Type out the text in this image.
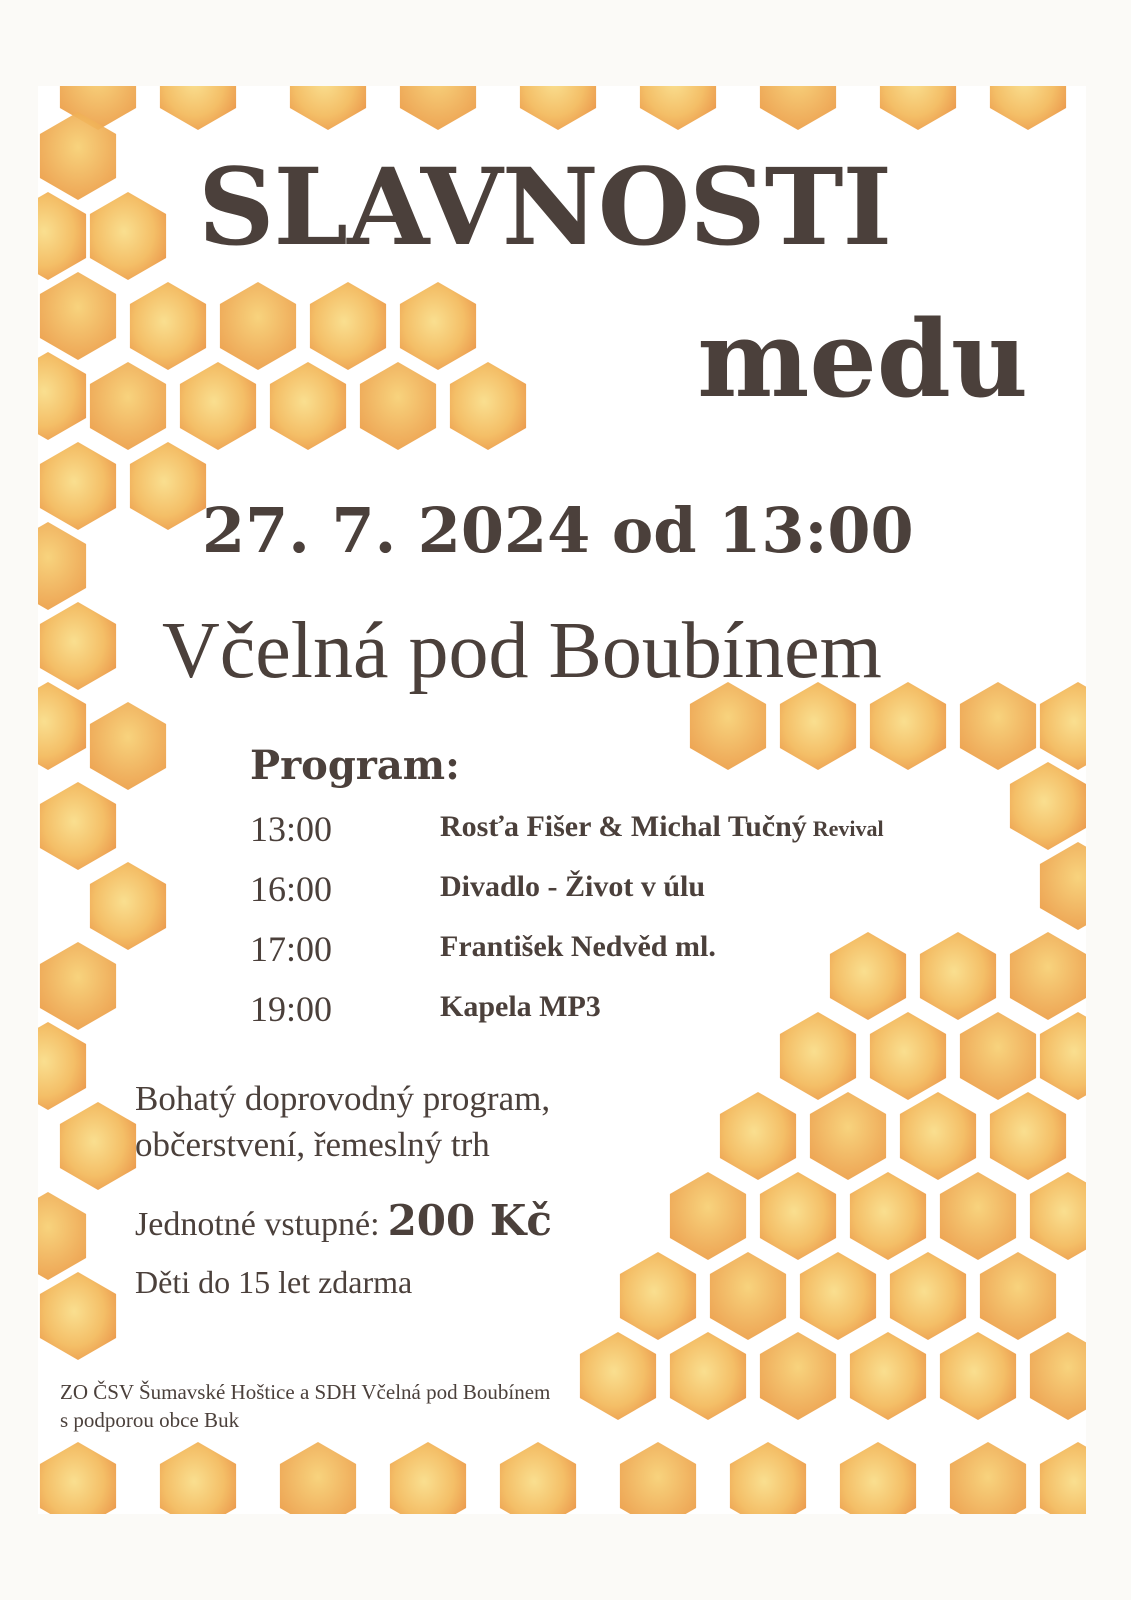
SLAVNOSTI
medu
27. 7. 2024 od 13:00
Včelná pod Boubínem
Program:
13:00	Rosťa Fišer & Michal Tučný Revival
16:00	Divadlo - Život v úlu
17:00	František Nedvěd ml.
19:00	Kapela MP3
Bohatý doprovodný program,
občerstvení, řemeslný trh
Jednotné vstupné: 200 Kč
Děti do 15 let zdarma
ZO ČSV Šumavské Hoštice a SDH Včelná pod Boubínem
s podporou obce Buk
